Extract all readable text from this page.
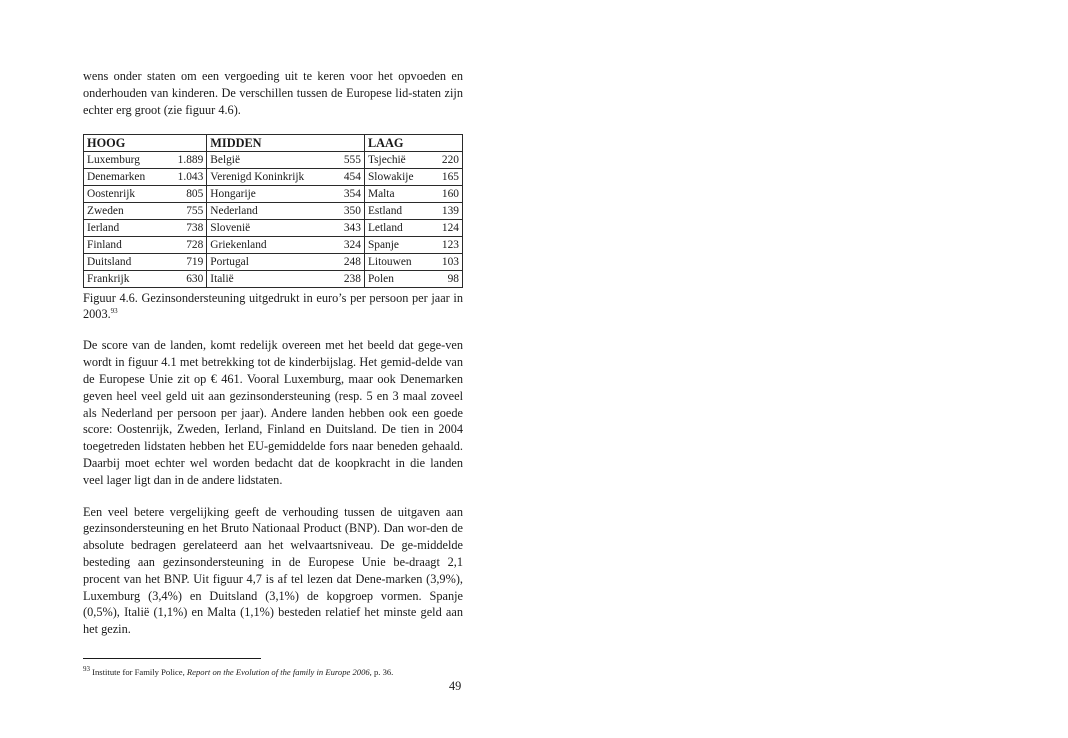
wens onder staten om een vergoeding uit te keren voor het opvoeden en onderhouden van kinderen. De verschillen tussen de Europese lid-staten zijn echter erg groot (zie figuur 4.6).

HOOG		MIDDEN		LAAG	
Luxemburg	1.889	België	555	Tsjechië	220
Denemarken	1.043	Verenigd Koninkrijk	454	Slowakije	165
Oostenrijk	805	Hongarije	354	Malta	160
Zweden	755	Nederland	350	Estland	139
Ierland	738	Slovenië	343	Letland	124
Finland	728	Griekenland	324	Spanje	123
Duitsland	719	Portugal	248	Litouwen	103
Frankrijk	630	Italië	238	Polen	98

Figuur 4.6. Gezinsondersteuning uitgedrukt in euro’s per persoon per jaar in 2003.93

De score van de landen, komt redelijk overeen met het beeld dat gege-ven wordt in figuur 4.1 met betrekking tot de kinderbijslag. Het gemid-delde van de Europese Unie zit op € 461. Vooral Luxemburg, maar ook Denemarken geven heel veel geld uit aan gezinsondersteuning (resp. 5 en 3 maal zoveel als Nederland per persoon per jaar). Andere landen hebben ook een goede score: Oostenrijk, Zweden, Ierland, Finland en Duitsland. De tien in 2004 toegetreden lidstaten hebben het EU-gemiddelde fors naar beneden gehaald. Daarbij moet echter wel worden bedacht dat de koopkracht in die landen veel lager ligt dan in de andere lidstaten.

Een veel betere vergelijking geeft de verhouding tussen de uitgaven aan gezinsondersteuning en het Bruto Nationaal Product (BNP). Dan wor-den de absolute bedragen gerelateerd aan het welvaartsniveau. De ge-middelde besteding aan gezinsondersteuning in de Europese Unie be-draagt 2,1 procent van het BNP. Uit figuur 4,7 is af tel lezen dat Dene-marken (3,9%), Luxemburg (3,4%) en Duitsland (3,1%) de kopgroep vormen. Spanje (0,5%), Italië (1,1%) en Malta (1,1%) besteden relatief het minste geld aan het gezin.

$^{93}$ Institute for Family Police, Report on the Evolution of the family in Europe 2006, p. 36.

49
